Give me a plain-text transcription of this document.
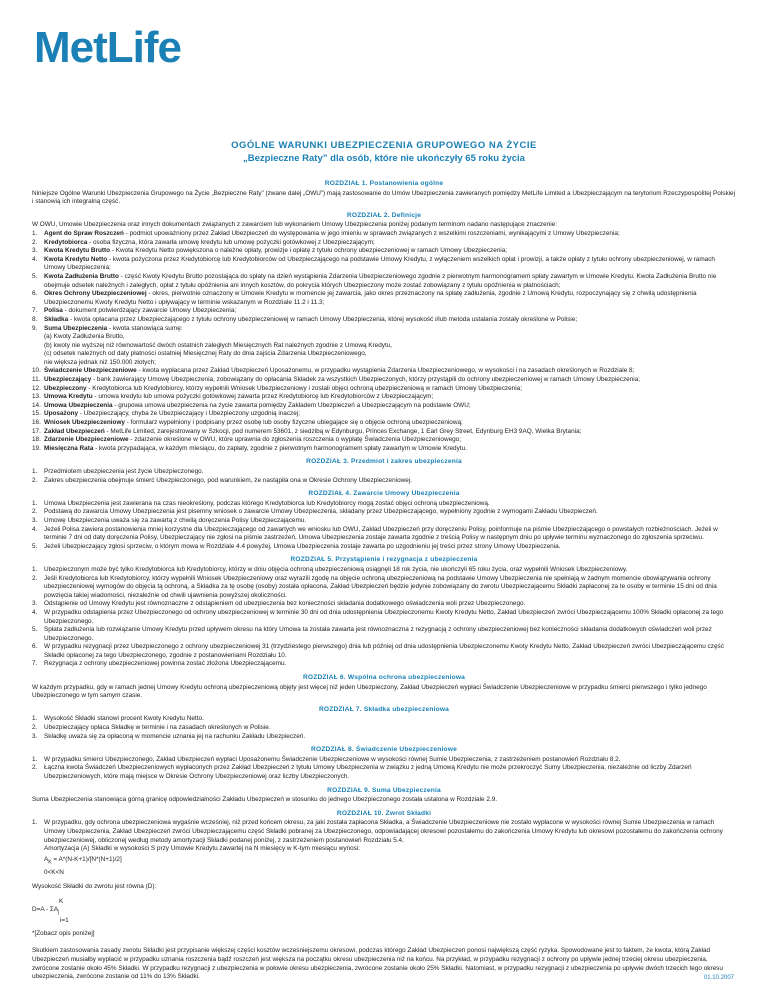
MetLife
OGÓLNE WARUNKI UBEZPIECZENIA GRUPOWEGO NA ŻYCIE
„Bezpieczne Raty” dla osób, które nie ukończyły 65 roku życia
ROZDZIAŁ 1. Postanowienia ogólne

Niniejsze Ogólne Warunki Ubezpieczenia Grupowego na Życie „Bezpieczne Raty” (zwane dalej „OWU”) mają zastosowanie do Umów Ubezpieczenia zawieranych pomiędzy MetLife Limited a Ubezpieczającym na terytorium Rzeczypospolitej Polskiej i stanowią ich integralną część.

ROZDZIAŁ 2. Definicje

W OWU, Umowie Ubezpieczenia oraz innych dokumentach związanych z zawarciem lub wykonaniem Umowy Ubezpieczenia poniżej podanym terminom nadano następujące znaczenie:

1.	Agent do Spraw Roszczeń - podmiot upoważniony przez Zakład Ubezpieczeń do występowania w jego imieniu w sprawach związanych z wszelkimi roszczeniami, wynikającymi z Umowy Ubezpieczenia;
2.	Kredytobiorca - osoba fizyczna, która zawarła umowę kredytu lub umowę pożyczki gotówkowej z Ubezpieczającym;
3.	Kwota Kredytu Brutto - Kwota Kredytu Netto powiększona o należne opłaty, prowizje i opłatę z tytułu ochrony ubezpieczeniowej w ramach Umowy Ubezpieczenia;
4.	Kwota Kredytu Netto - kwota pożyczona przez Kredytobiorcę lub Kredytobiorców od Ubezpieczającego na podstawie Umowy Kredytu, z wyłączeniem wszelkich opłat i prowizji, a także opłaty z tytułu ochrony ubezpieczeniowej, w ramach Umowy Ubezpieczenia;
5.	Kwota Zadłużenia Brutto - część Kwoty Kredytu Brutto pozostająca do spłaty na dzień wystąpienia Zdarzenia Ubezpieczeniowego zgodnie z pierwotnym harmonogramem spłaty zawartym w Umowie Kredytu. Kwota Zadłużenia Brutto nie obejmuje odsetek należnych i zaległych, opłat z tytułu opóźnienia ani innych kosztów, do pokrycia których Ubezpieczony może zostać zobowiązany z tytułu opóźnienia w płatnościach;
6.	Okres Ochrony Ubezpieczeniowej - okres, pierwotnie oznaczony w Umowie Kredytu w momencie jej zawarcia, jako okres przeznaczony na spłatę zadłużenia, zgodnie z Umową Kredytu, rozpoczynający się z chwilą udostępnienia Ubezpieczonemu Kwoty Kredytu Netto i upływający w terminie wskazanym w Rozdziale 11.2 i 11.3;
7.	Polisa - dokument potwierdzający zawarcie Umowy Ubezpieczenia;
8.	Składka - kwota opłacana przez Ubezpieczającego z tytułu ochrony ubezpieczeniowej w ramach Umowy Ubezpieczenia, której wysokość i/lub metoda ustalania zostały określone w Polisie;
9.	Suma Ubezpieczenia - kwota stanowiąca sumę:
(a) Kwoty Zadłużenia Brutto,
(b) kwoty nie wyższej niż równowartość dwóch ostatnich zaległych Miesięcznych Rat należnych zgodnie z Umową Kredytu,
(c) odsetek należnych od daty płatności ostatniej Miesięcznej Raty do dnia zajścia Zdarzenia Ubezpieczeniowego,
nie większa jednak niż 150.000 złotych;
10. Świadczenie Ubezpieczeniowe - kwota wypłacana przez Zakład Ubezpieczeń Uposażonemu, w przypadku wystąpienia Zdarzenia Ubezpieczeniowego, w wysokości i na zasadach określonych w Rozdziale 8;
11. Ubezpieczający - bank zawierający Umowę Ubezpieczenia, zobowiązany do opłacania Składek za wszystkich Ubezpieczonych, którzy przystąpili do ochrony ubezpieczeniowej w ramach Umowy Ubezpieczenia;
12. Ubezpieczony - Kredytobiorca lub Kredytobiorcy, którzy wypełnili Wniosek Ubezpieczeniowy i zostali objęci ochroną ubezpieczeniową w ramach Umowy Ubezpieczenia;
13. Umowa Kredytu - umowa kredytu lub umowa pożyczki gotówkowej zawarta przez Kredytobiorcę lub Kredytobiorców z Ubezpieczającym;
14. Umowa Ubezpieczenia - grupowa umowa ubezpieczenia na życie zawarta pomiędzy Zakładem Ubezpieczeń a Ubezpieczającym na podstawie OWU;
15. Uposażony - Ubezpieczający, chyba że Ubezpieczający i Ubezpieczony uzgodnią inaczej;
16. Wniosek Ubezpieczeniowy - formularz wypełniony i podpisany przez osobę lub osoby fizyczne ubiegające się o objęcie ochroną ubezpieczeniową;
17. Zakład Ubezpieczeń - MetLife Limited, zarejestrowany w Szkocji, pod numerem 53601, z siedzibą w Edynburgu, Princes Exchange, 1 Earl Grey Street, Edynburg EH3 9AQ, Wielka Brytania;
18. Zdarzenie Ubezpieczeniowe - zdarzenie określone w OWU, które uprawnia do zgłoszenia roszczenia o wypłatę Świadczenia Ubezpieczeniowego;
19. Miesięczna Rata - kwota przypadająca, w każdym miesiącu, do zapłaty, zgodnie z pierwotnym harmonogramem spłaty zawartym w Umowie Kredytu.
ROZDZIAŁ 3. Przedmiot i zakres ubezpieczenia
1.	Przedmiotem ubezpieczenia jest życie Ubezpieczonego.
2.	Zakres ubezpieczenia obejmuje śmierć Ubezpieczonego, pod warunkiem, że nastąpiła ona w Okresie Ochrony Ubezpieczeniowej.
ROZDZIAŁ 4. Zawarcie Umowy Ubezpieczenia
1.	Umowa Ubezpieczenia jest zawierana na czas nieokreślony, podczas którego Kredytobiorca lub Kredytobiorcy mogą zostać objęci ochroną ubezpieczeniową.
2.	Podstawą do zawarcia Umowy Ubezpieczenia jest pisemny wniosek o zawarcie Umowy Ubezpieczenia, składany przez Ubezpieczającego, wypełniony zgodnie z wymogami Zakładu Ubezpieczeń.
3.	Umowę Ubezpieczenia uważa się za zawartą z chwilą doręczenia Polisy Ubezpieczającemu.
4.	Jeżeli Polisa zawiera postanowienia mniej korzystne dla Ubezpieczającego od zawartych we wniosku lub OWU, Zakład Ubezpieczeń przy doręczeniu Polisy, poinformuje na piśmie Ubezpieczającego o powstałych rozbieżnościach. Jeżeli w terminie 7 dni od daty doręczenia Polisy, Ubezpieczający nie zgłosi na piśmie zastrzeżeń, Umowa Ubezpieczenia zostaje zawarta zgodnie z treścią Polisy w następnym dniu po upływie terminu wyznaczonego do zgłoszenia sprzeciwu.
5.	Jeżeli Ubezpieczający zgłosi sprzeciw, o którym mowa w Rozdziale 4.4 powyżej, Umowa Ubezpieczenia zostaje zawarta po uzgodnieniu jej treści przez strony Umowy Ubezpieczenia.
ROZDZIAŁ 5. Przystąpienie i rezygnacja z ubezpieczenia
1.	Ubezpieczonym może być tylko Kredytobiorca lub Kredytobiorcy, którzy w dniu objęcia ochroną ubezpieczeniową osiągnęli 18 rok życia, nie ukończyli 65 roku życia, oraz wypełnili Wniosek Ubezpieczeniowy.
2.	Jeśli Kredytobiorca lub Kredytobiorcy, którzy wypełnili Wniosek Ubezpieczeniowy oraz wyrazili zgodę na objęcie ochroną ubezpieczeniową na podstawie Umowy Ubezpieczenia nie spełniają w żadnym momencie obowiązywania ochrony ubezpieczeniowej wymogów do objęcia tą ochroną, a Składka za tę osobę (osoby) została opłacona, Zakład Ubezpieczeń będzie jedynie zobowiązany do zwrotu Ubezpieczającemu Składki zapłaconej za te osoby w terminie 15 dni od dnia powzięcia takiej wiadomości, niezależnie od chwili ujawnienia powyższej okoliczności.
3.	Odstąpienie od Umowy Kredytu jest równoznaczne z odstąpieniem od ubezpieczenia bez konieczności składania dodatkowego oświadczenia woli przez Ubezpieczonego.
4.	W przypadku odstąpienia przez Ubezpieczonego od ochrony ubezpieczeniowej w terminie 30 dni od dnia udostępnienia Ubezpieczonemu Kwoty Kredytu Netto, Zakład Ubezpieczeń zwróci Ubezpieczającemu 100% Składki opłaconej za tego Ubezpieczonego.
5.	Spłata zadłużenia lub rozwiązanie Umowy Kredytu przed upływem okresu na który Umowa ta została zawarta jest równoznaczna z rezygnacją z ochrony ubezpieczeniowej bez konieczności składania dodatkowych oświadczeń woli przez Ubezpieczonego.
6.	W przypadku rezygnacji przez Ubezpieczonego z ochrony ubezpieczeniowej 31 (trzydziestego pierwszego) dnia lub później od dnia udostępnienia Ubezpieczonemu Kwoty Kredytu Netto, Zakład Ubezpieczeń zwróci Ubezpieczającemu część Składki opłaconej za tego Ubezpieczonego, zgodnie z postanowieniami Rozdziału 10.
7.	Rezygnacja z ochrony ubezpieczeniowej powinna zostać złożona Ubezpieczającemu.
ROZDZIAŁ 6. Wspólna ochrona ubezpieczeniowa

W każdym przypadku, gdy w ramach jednej Umowy Kredytu ochroną ubezpieczeniową objęty jest więcej niż jeden Ubezpieczony, Zakład Ubezpieczeń wypłaci Świadczenie Ubezpieczeniowe w przypadku śmierci pierwszego i tylko jednego Ubezpieczonego w tym samym czasie.

ROZDZIAŁ 7. Składka ubezpieczeniowa
1.	Wysokość Składki stanowi procent Kwoty Kredytu Netto.
2.	Ubezpieczający opłaca Składkę w terminie i na zasadach określonych w Polisie.
3.	Składkę uważa się za opłaconą w momencie uznania jej na rachunku Zakładu Ubezpieczeń.
ROZDZIAŁ 8. Świadczenie Ubezpieczeniowe
1.	W przypadku śmierci Ubezpieczonego, Zakład Ubezpieczeń wypłaci Uposażonemu Świadczenie Ubezpieczeniowe w wysokości równej Sumie Ubezpieczenia, z zastrzeżeniem postanowień Rozdziału 8.2.
2.	Łączna kwota Świadczeń Ubezpieczeniowych wypłaconych przez Zakład Ubezpieczeń z tytułu Umowy Ubezpieczenia w związku z jedną Umową Kredytu nie może przekroczyć Sumy Ubezpieczenia, niezależnie od liczby Zdarzeń Ubezpieczeniowych, które mają miejsce w Okresie Ochrony Ubezpieczeniowej oraz liczby Ubezpieczonych.
ROZDZIAŁ 9. Suma Ubezpieczenia

Suma Ubezpieczenia stanowiąca górną granicę odpowiedzialności Zakładu Ubezpieczeń w stosunku do jednego Ubezpieczonego została ustalona w Rozdziale 2.9.

ROZDZIAŁ 10. Zwrot Składki
1.	W przypadku, gdy ochrona ubezpieczeniowa wygaśnie wcześniej, niż przed końcem okresu, za jaki została zapłacona Składka, a Świadczenie Ubezpieczeniowe nie zostało wypłacone w wysokości równej Sumie Ubezpieczenia w ramach Umowy Ubezpieczenia, Zakład Ubezpieczeń zwróci Ubezpieczającemu część Składki pobranej za Ubezpieczonego, odpowiadającej okresowi pozostałemu do zakończenia Umowy Kredytu lub okresowi pozostałemu do zakończenia ochrony ubezpieczeniowej, obliczonej według metody amortyzacji Składki podanej poniżej, z zastrzeżeniem postanowień Rozdziału 5.4.
Amortyzacja (A) Składki w wysokości S przy Umowie Kredytu zawartej na N miesięcy w K-tym miesiącu wynosi:
$A_K = A*(N-K+1)/[N*(N+1)/2]$
0<K<N
Wysokość Składki do zwrotu jest równa (D):
K
$D=A - \Sigma A_j$
i=1
*[Zobacz opis poniżej]

Skutkiem zastosowania zasady zwrotu Składki jest przypisanie większej części kosztów wcześniejszemu okresowi, podczas którego Zakład Ubezpieczeń ponosi największą część ryzyka. Spowodowane jest to faktem, że kwota, którą Zakład Ubezpieczeń musiałby wypłacić w przypadku uznania roszczenia bądź roszczeń jest większa na początku okresu ubezpieczenia niż na końcu. Na przykład, w przypadku rezygnacji z ochrony po upływie jednej trzeciej okresu ubezpieczenia, zwrócone zostanie około 45% Składki. W przypadku rezygnacji z ubezpieczenia w połowie okresu ubezpieczenia, zwrócone zostanie około 25% Składki. Natomiast, w przypadku rezygnacji z ubezpieczenia po upływie dwóch trzecich tego okresu ubezpieczenia, zwrócone zostanie od 11% do 13% Składki.	01.10.2007
